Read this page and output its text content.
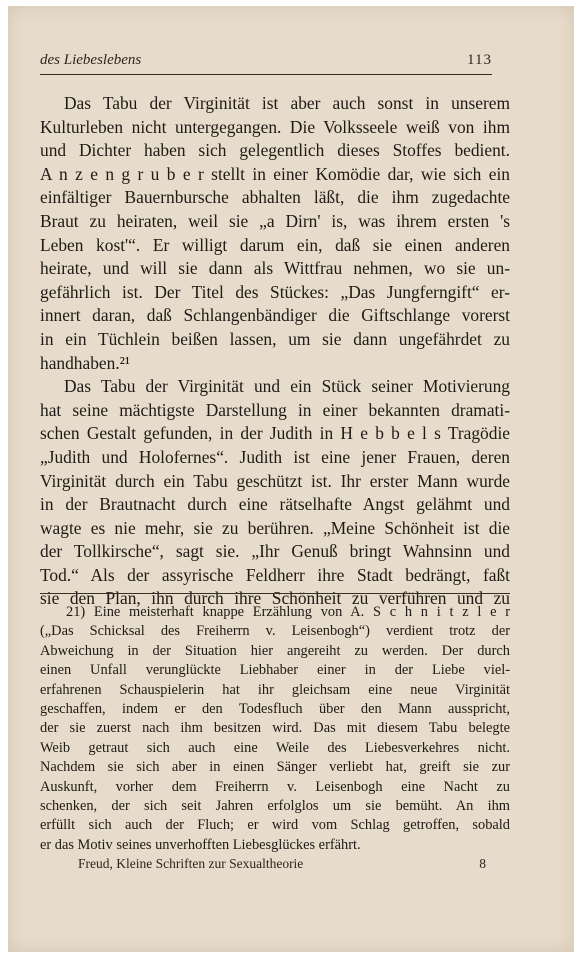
des Liebeslebens	113
Das Tabu der Virginität ist aber auch sonst in unserem
Kulturleben nicht untergegangen. Die Volksseele weiß von ihm
und Dichter haben sich gelegentlich dieses Stoffes bedient.
A n z e n g r u b e r stellt in einer Komödie dar, wie sich ein
einfältiger Bauernbursche abhalten läßt, die ihm zugedachte
Braut zu heiraten, weil sie „a Dirn' is, was ihrem ersten 's
Leben kost'“. Er willigt darum ein, daß sie einen anderen
heirate, und will sie dann als Wittfrau nehmen, wo sie un-
gefährlich ist. Der Titel des Stückes: „Das Jungferngift“ er-
innert daran, daß Schlangenbändiger die Giftschlange vorerst
in ein Tüchlein beißen lassen, um sie dann ungefährdet zu
handhaben.²¹
Das Tabu der Virginität und ein Stück seiner Motivierung
hat seine mächtigste Darstellung in einer bekannten dramati-
schen Gestalt gefunden, in der Judith in H e b b e l s Tragödie
„Judith und Holofernes“. Judith ist eine jener Frauen, deren
Virginität durch ein Tabu geschützt ist. Ihr erster Mann wurde
in der Brautnacht durch eine rätselhafte Angst gelähmt und
wagte es nie mehr, sie zu berühren. „Meine Schönheit ist die
der Tollkirsche“, sagt sie. „Ihr Genuß bringt Wahnsinn und
Tod.“ Als der assyrische Feldherr ihre Stadt bedrängt, faßt
sie den Plan, ihn durch ihre Schönheit zu verführen und zu
21) Eine meisterhaft knappe Erzählung von A. S c h n i t z l e r
(„Das Schicksal des Freiherrn v. Leisenbogh“) verdient trotz der
Abweichung in der Situation hier angereiht zu werden. Der durch
einen Unfall verunglückte Liebhaber einer in der Liebe viel-
erfahrenen Schauspielerin hat ihr gleichsam eine neue Virginität
geschaffen, indem er den Todesfluch über den Mann ausspricht,
der sie zuerst nach ihm besitzen wird. Das mit diesem Tabu belegte
Weib getraut sich auch eine Weile des Liebesverkehres nicht.
Nachdem sie sich aber in einen Sänger verliebt hat, greift sie zur
Auskunft, vorher dem Freiherrn v. Leisenbogh eine Nacht zu
schenken, der sich seit Jahren erfolglos um sie bemüht. An ihm
erfüllt sich auch der Fluch; er wird vom Schlag getroffen, sobald
er das Motiv seines unverhofften Liebesglückes erfährt.
Freud, Kleine Schriften zur Sexualtheorie	8
